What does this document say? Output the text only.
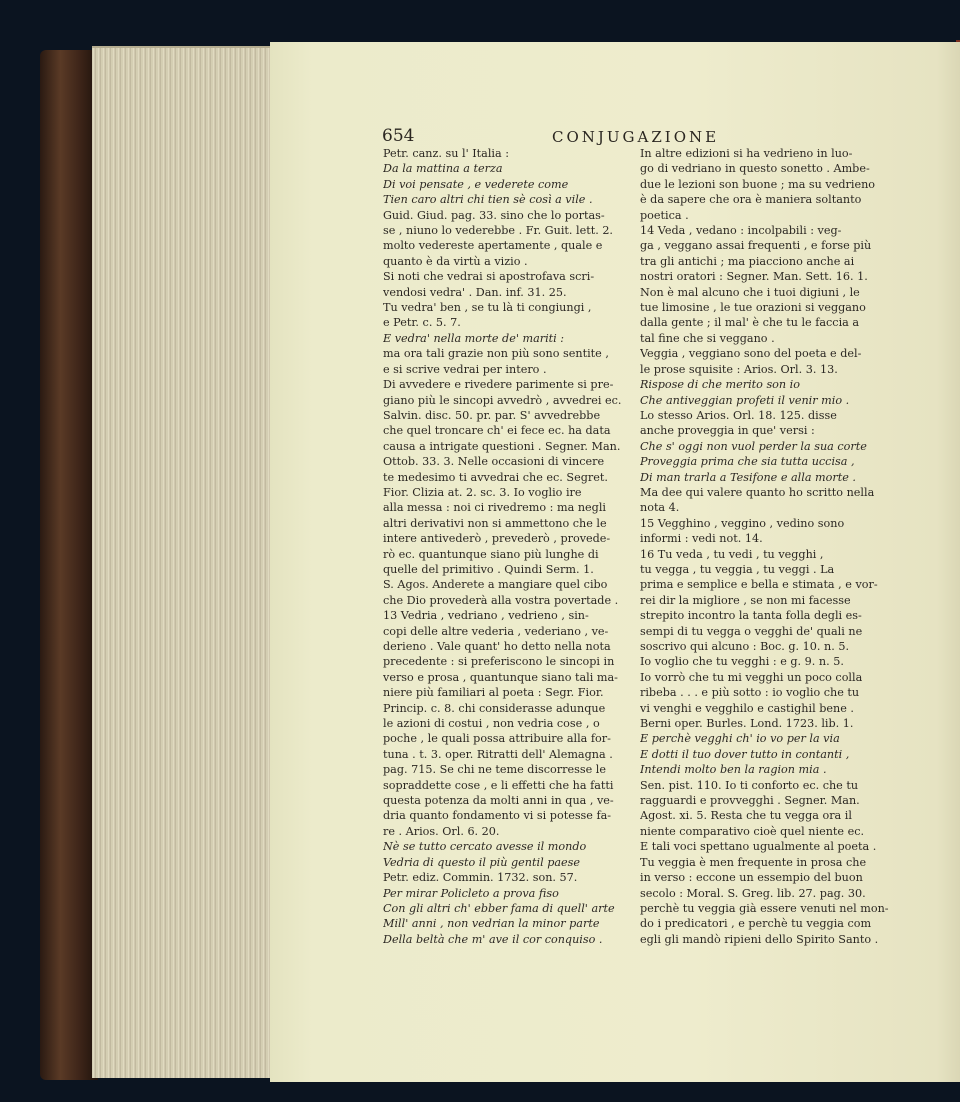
654	CONJUGAZIONE
Petr. canz. su l' Italia :
Da la mattina a terza
Di voi pensate , e vederete come
Tien caro altri chi tien sè così a vile .
Guid. Giud. pag. 33. sino che lo portas-
se , niuno lo vederebbe . Fr. Guit. lett. 2.
molto vedereste apertamente , quale e
quanto è da virtù a vizio .
Si noti che vedrai si apostrofava scri-
vendosi vedra' . Dan. inf. 31. 25.
Tu vedra' ben , se tu là ti congiungi ,
e Petr. c. 5. 7.
E vedra' nella morte de' mariti :
ma ora tali grazie non più sono sentite ,
e si scrive vedrai per intero .
Di avvedere e rivedere parimente si pre-
giano più le sincopi avvedrò , avvedrei ec.
Salvin. disc. 50. pr. par. S' avvedrebbe
che quel troncare ch' ei fece ec. ha data
causa a intrigate questioni . Segner. Man.
Ottob. 33. 3. Nelle occasioni di vincere
te medesimo ti avvedrai che ec. Segret.
Fior. Clizia at. 2. sc. 3. Io voglio ire
alla messa : noi ci rivedremo : ma negli
altri derivativi non si ammettono che le
intere antivederò , prevederò , provede-
rò ec. quantunque siano più lunghe di
quelle del primitivo . Quindi Serm. 1.
S. Agos. Anderete a mangiare quel cibo
che Dio provederà alla vostra povertade .
13 Vedria , vedriano , vedrieno , sin-
copi delle altre vederia , vederiano , ve-
derieno . Vale quant' ho detto nella nota
precedente : si preferiscono le sincopi in
verso e prosa , quantunque siano tali ma-
niere più familiari al poeta : Segr. Fior.
Princip. c. 8. chi considerasse adunque
le azioni di costui , non vedria cose , o
poche , le quali possa attribuire alla for-
tuna . t. 3. oper. Ritratti dell' Alemagna .
pag. 715. Se chi ne teme discorresse le
sopraddette cose , e li effetti che ha fatti
questa potenza da molti anni in qua , ve-
dria quanto fondamento vi si potesse fa-
re . Arios. Orl. 6. 20.
Nè se tutto cercato avesse il mondo
Vedria di questo il più gentil paese
Petr. ediz. Commin. 1732. son. 57.
Per mirar Policleto a prova fiso
Con gli altri ch' ebber fama di quell' arte
Mill' anni , non vedrian la minor parte
Della beltà che m' ave il cor conquiso .
In altre edizioni si ha vedrieno in luo-
go di vedriano in questo sonetto . Ambe-
due le lezioni son buone ; ma su vedrieno
è da sapere che ora è maniera soltanto
poetica .
14 Veda , vedano : incolpabili : veg-
ga , veggano assai frequenti , e forse più
tra gli antichi ; ma piacciono anche ai
nostri oratori : Segner. Man. Sett. 16. 1.
Non è mal alcuno che i tuoi digiuni , le
tue limosine , le tue orazioni si veggano
dalla gente ; il mal' è che tu le faccia a
tal fine che si veggano .
Veggia , veggiano sono del poeta e del-
le prose squisite : Arios. Orl. 3. 13.
Rispose di che merito son io
Che antiveggian profeti il venir mio .
Lo stesso Arios. Orl. 18. 125. disse
anche proveggia in que' versi :
Che s' oggi non vuol perder la sua corte
Proveggia prima che sia tutta uccisa ,
Di man trarla a Tesifone e alla morte .
Ma dee qui valere quanto ho scritto nella
nota 4.
15 Vegghino , veggino , vedino sono
informi : vedi not. 14.
16 Tu veda , tu vedi , tu vegghi ,
tu vegga , tu veggia , tu veggi . La
prima e semplice e bella e stimata , e vor-
rei dir la migliore , se non mi facesse
strepito incontro la tanta folla degli es-
sempi di tu vegga o vegghi de' quali ne
soscrivo qui alcuno : Boc. g. 10. n. 5.
Io voglio che tu vegghi : e g. 9. n. 5.
Io vorrò che tu mi vegghi un poco colla
ribeba . . . e più sotto : io voglio che tu
vi venghi e vegghilo e castighil bene .
Berni oper. Burles. Lond. 1723. lib. 1.
E perchè vegghi ch' io vo per la via
E dotti il tuo dover tutto in contanti ,
Intendi molto ben la ragion mia .
Sen. pist. 110. Io ti conforto ec. che tu
ragguardi e provvegghi . Segner. Man.
Agost. xi. 5. Resta che tu vegga ora il
niente comparativo cioè quel niente ec.
E tali voci spettano ugualmente al poeta .
Tu veggia è men frequente in prosa che
in verso : eccone un essempio del buon
secolo : Moral. S. Greg. lib. 27. pag. 30.
perchè tu veggia già essere venuti nel mon-
do i predicatori , e perchè tu veggia com
egli gli mandò ripieni dello Spirito Santo .
